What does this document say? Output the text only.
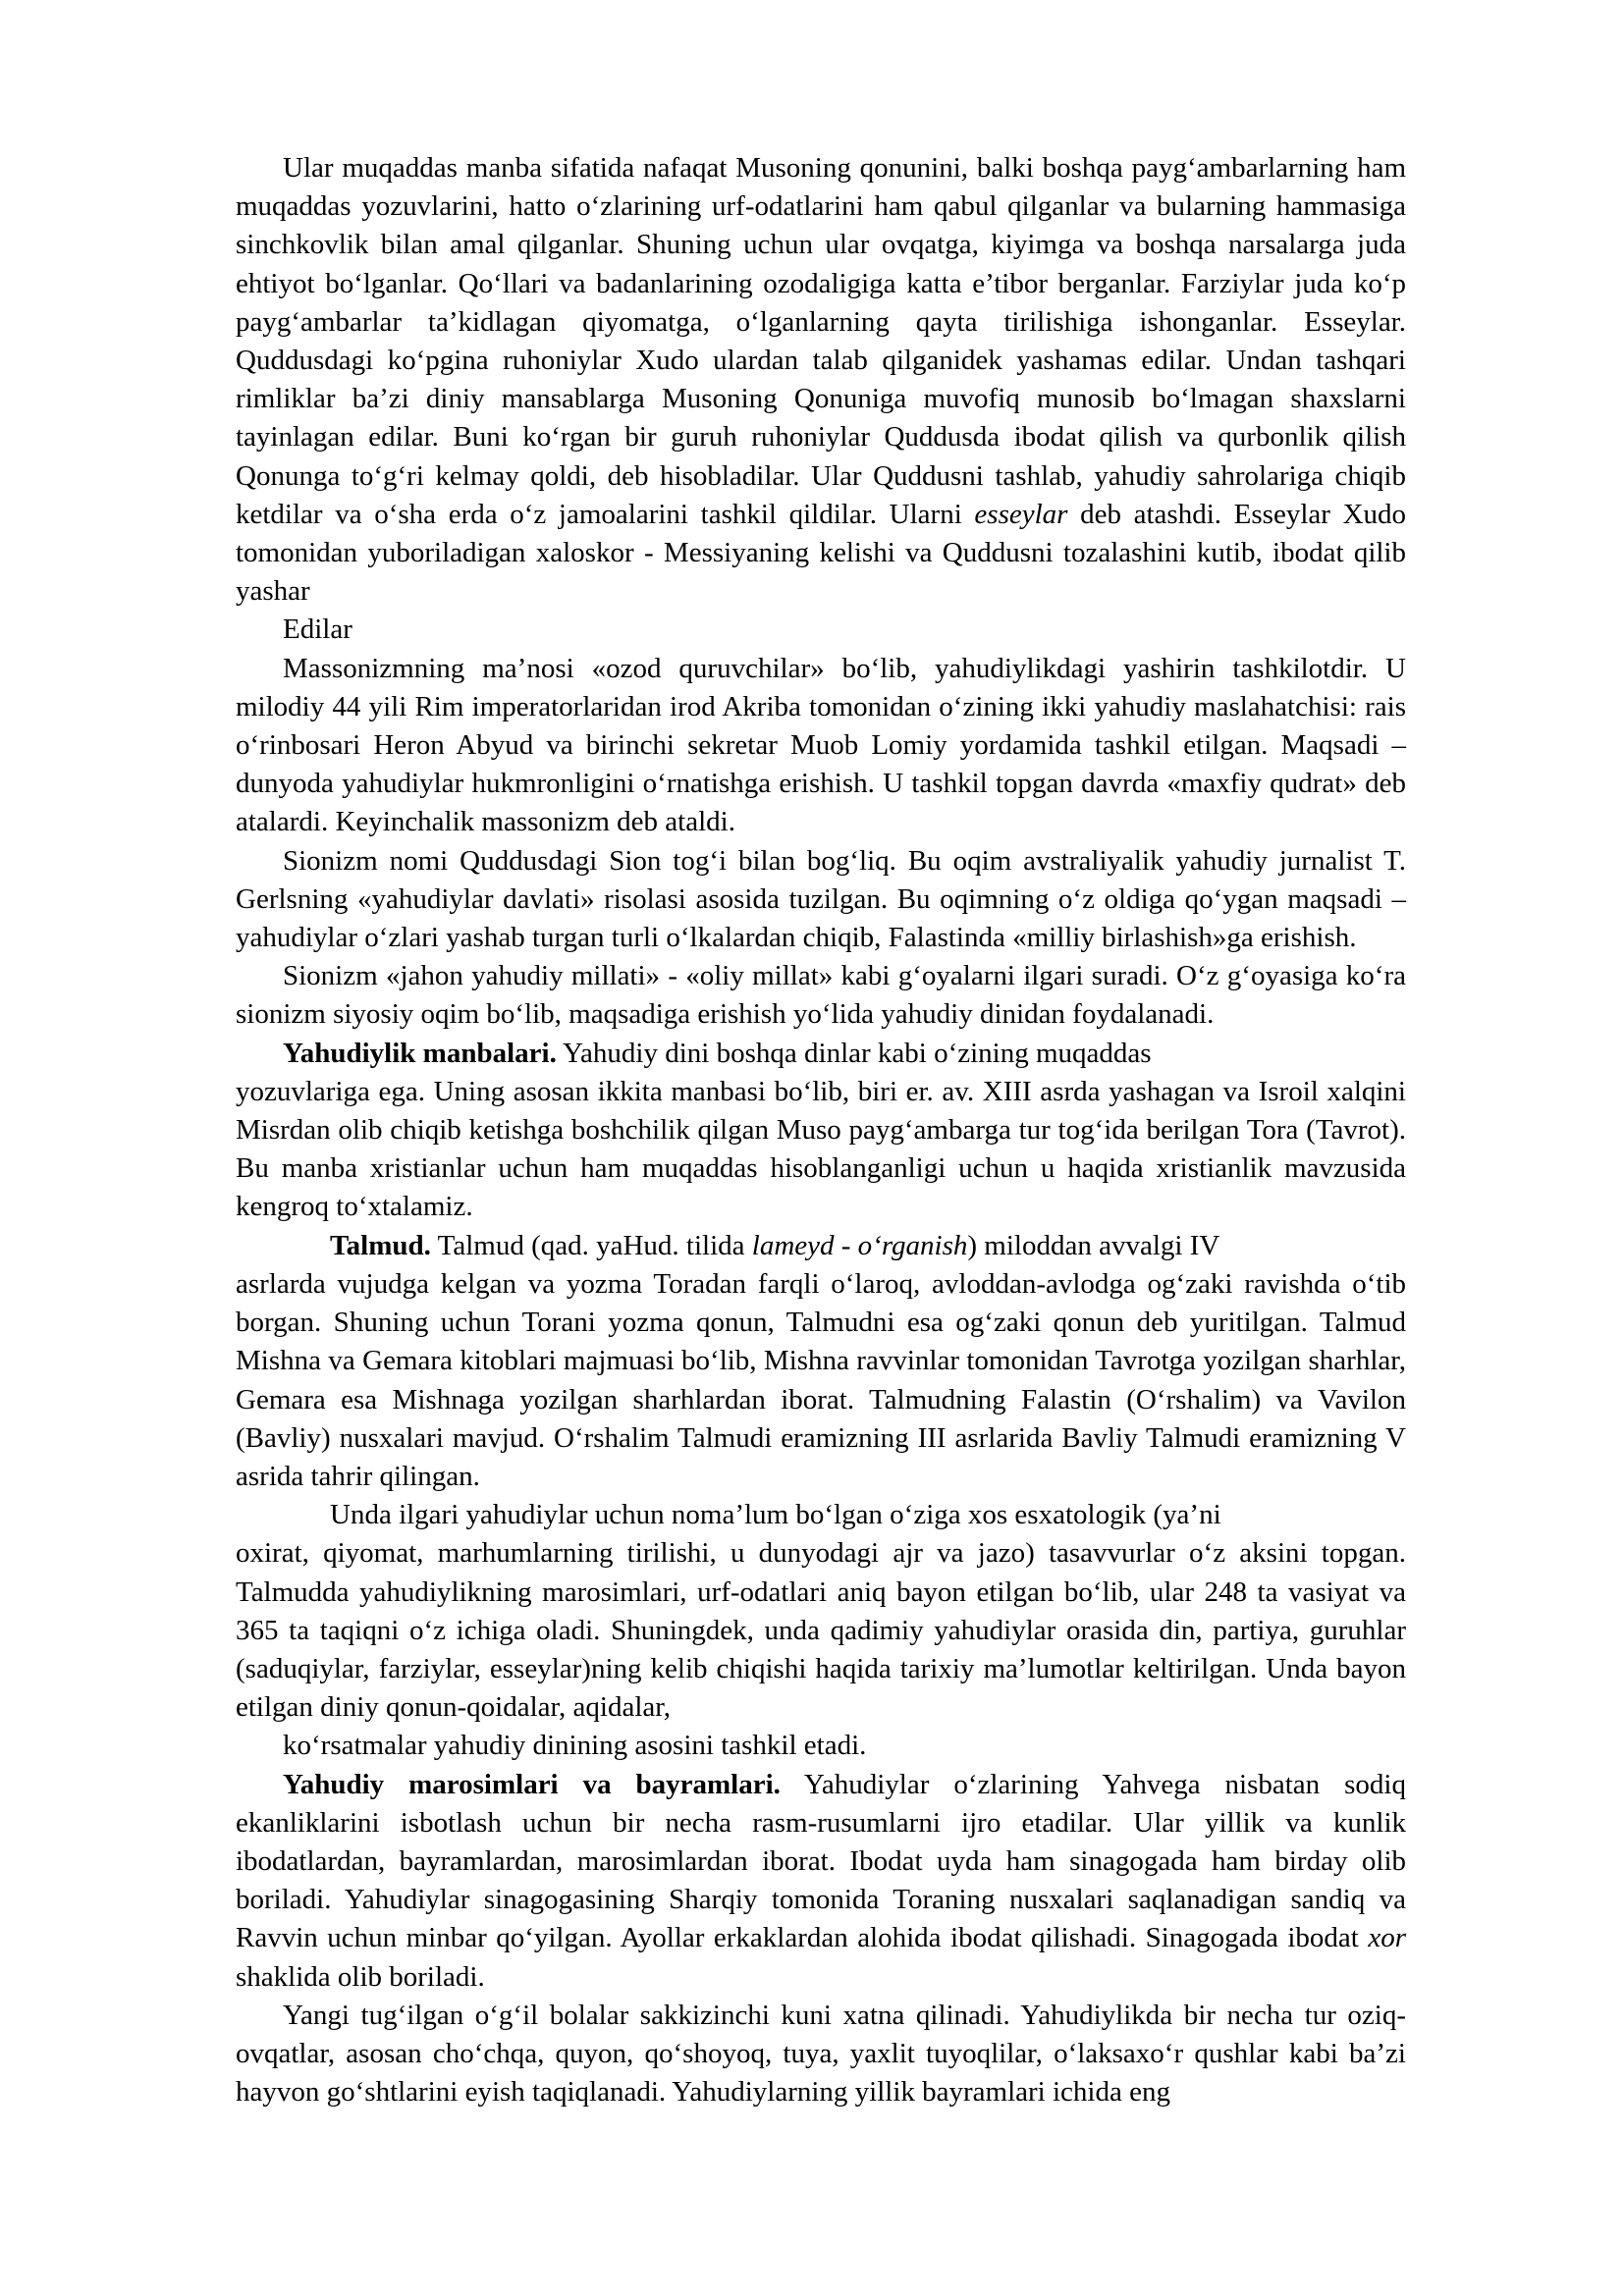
Ular muqaddas manba sifatida nafaqat Musoning qonunini, balki boshqa payg‘ambarlarning ham muqaddas yozuvlarini, hatto o‘zlarining urf-odatlarini ham qabul qilganlar va bularning hammasiga sinchkovlik bilan amal qilganlar. Shuning uchun ular ovqatga, kiyimga va boshqa narsalarga juda ehtiyot bo‘lganlar. Qo‘llari va badanlarining ozodaligiga katta e’tibor berganlar. Farziylar juda ko‘p payg‘ambarlar ta’kidlagan qiyomatga, o‘lganlarning qayta tirilishiga ishonganlar. Esseylar. Quddusdagi ko‘pgina ruhoniylar Xudo ulardan talab qilganidek yashamas edilar. Undan tashqari rimliklar ba’zi diniy mansablarga Musoning Qonuniga muvofiq munosib bo‘lmagan shaxslarni tayinlagan edilar. Buni ko‘rgan bir guruh ruhoniylar Quddusda ibodat qilish va qurbonlik qilish Qonunga to‘g‘ri kelmay qoldi, deb hisobladilar. Ular Quddusni tashlab, yahudiy sahrolariga chiqib ketdilar va o‘sha erda o‘z jamoalarini tashkil qildilar. Ularni esseylar deb atashdi. Esseylar Xudo tomonidan yuboriladigan xaloskor - Messiyaning kelishi va Quddusni tozalashini kutib, ibodat qilib yashar

Edilar

Massonizmning ma’nosi «ozod quruvchilar» bo‘lib, yahudiylikdagi yashirin tashkilotdir. U milodiy 44 yili Rim imperatorlaridan irod Akriba tomonidan o‘zining ikki yahudiy maslahatchisi: rais o‘rinbosari Heron Abyud va birinchi sekretar Muob Lomiy yordamida tashkil etilgan. Maqsadi – dunyoda yahudiylar hukmronligini o‘rnatishga erishish. U tashkil topgan davrda «maxfiy qudrat» deb atalardi. Keyinchalik massonizm deb ataldi.

Sionizm nomi Quddusdagi Sion tog‘i bilan bog‘liq. Bu oqim avstraliyalik yahudiy jurnalist T. Gerlsning «yahudiylar davlati» risolasi asosida tuzilgan. Bu oqimning o‘z oldiga qo‘ygan maqsadi – yahudiylar o‘zlari yashab turgan turli o‘lkalardan chiqib, Falastinda «milliy birlashish»ga erishish.

Sionizm «jahon yahudiy millati» - «oliy millat» kabi g‘oyalarni ilgari suradi. O‘z g‘oyasiga ko‘ra sionizm siyosiy oqim bo‘lib, maqsadiga erishish yo‘lida yahudiy dinidan foydalanadi.

Yahudiylik manbalari. Yahudiy dini boshqa dinlar kabi o‘zining muqaddas

yozuvlariga ega. Uning asosan ikkita manbasi bo‘lib, biri er. av. XIII asrda yashagan va Isroil xalqini Misrdan olib chiqib ketishga boshchilik qilgan Muso payg‘ambarga tur tog‘ida berilgan Tora (Tavrot). Bu manba xristianlar uchun ham muqaddas hisoblanganligi uchun u haqida xristianlik mavzusida kengroq to‘xtalamiz.

Talmud. Talmud (qad. yaHud. tilida lameyd - o‘rganish) miloddan avvalgi IV

asrlarda vujudga kelgan va yozma Toradan farqli o‘laroq, avloddan-avlodga og‘zaki ravishda o‘tib borgan. Shuning uchun Torani yozma qonun, Talmudni esa og‘zaki qonun deb yuritilgan. Talmud Mishna va Gemara kitoblari majmuasi bo‘lib, Mishna ravvinlar tomonidan Tavrotga yozilgan sharhlar, Gemara esa Mishnaga yozilgan sharhlardan iborat. Talmudning Falastin (O‘rshalim) va Vavilon (Bavliy) nusxalari mavjud. O‘rshalim Talmudi eramizning III asrlarida Bavliy Talmudi eramizning V asrida tahrir qilingan.

Unda ilgari yahudiylar uchun noma’lum bo‘lgan o‘ziga xos esxatologik (ya’ni

oxirat, qiyomat, marhumlarning tirilishi, u dunyodagi ajr va jazo) tasavvurlar o‘z aksini topgan. Talmudda yahudiylikning marosimlari, urf-odatlari aniq bayon etilgan bo‘lib, ular 248 ta vasiyat va 365 ta taqiqni o‘z ichiga oladi. Shuningdek, unda qadimiy yahudiylar orasida din, partiya, guruhlar (saduqiylar, farziylar, esseylar)ning kelib chiqishi haqida tarixiy ma’lumotlar keltirilgan. Unda bayon etilgan diniy qonun-qoidalar, aqidalar,

ko‘rsatmalar yahudiy dinining asosini tashkil etadi.

Yahudiy marosimlari va bayramlari. Yahudiylar o‘zlarining Yahvega nisbatan sodiq ekanliklarini isbotlash uchun bir necha rasm-rusumlarni ijro etadilar. Ular yillik va kunlik ibodatlardan, bayramlardan, marosimlardan iborat. Ibodat uyda ham sinagogada ham birday olib boriladi. Yahudiylar sinagogasining Sharqiy tomonida Toraning nusxalari saqlanadigan sandiq va Ravvin uchun minbar qo‘yilgan. Ayollar erkaklardan alohida ibodat qilishadi. Sinagogada ibodat xor shaklida olib boriladi.

Yangi tug‘ilgan o‘g‘il bolalar sakkizinchi kuni xatna qilinadi. Yahudiylikda bir necha tur oziq-ovqatlar, asosan cho‘chqa, quyon, qo‘shoyoq, tuya, yaxlit tuyoqlilar, o‘laksaxo‘r qushlar kabi ba’zi hayvon go‘shtlarini eyish taqiqlanadi. Yahudiylarning yillik bayramlari ichida eng
